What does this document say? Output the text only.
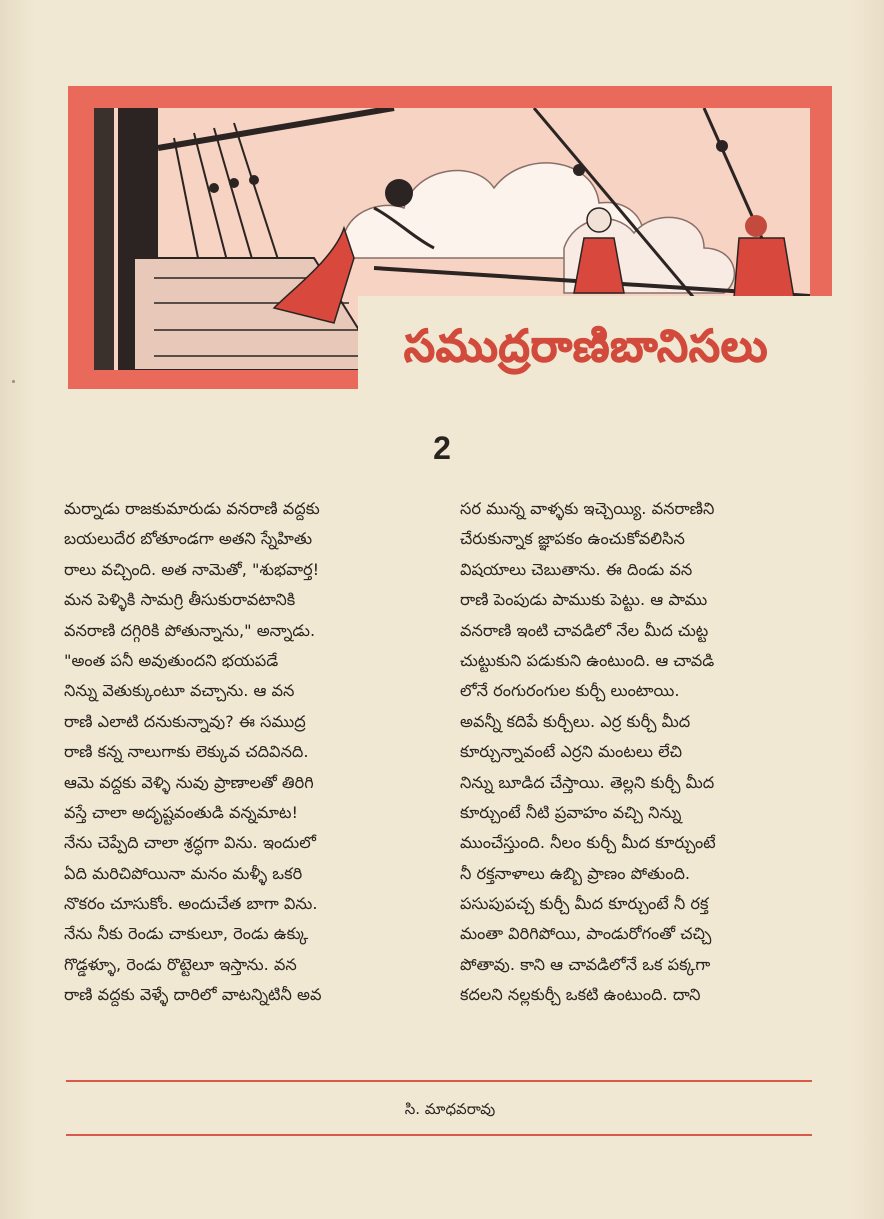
సముద్రరాణిబానిసలు
2
మర్నాడు రాజకుమారుడు వనరాణి వద్దకు
బయలుదేర బోతూండగా అతని స్నేహితు
రాలు వచ్చింది. అత నామెతో, "శుభవార్త!
మన పెళ్ళికి సామగ్రి తీసుకురావటానికి
వనరాణి దగ్గిరికి పోతున్నాను," అన్నాడు.
"అంత పనీ అవుతుందని భయపడే
నిన్ను వెతుక్కుంటూ వచ్చాను. ఆ వన
రాణి ఎలాటి దనుకున్నావు? ఈ సముద్ర
రాణి కన్న నాలుగాకు లెక్కువ చదివినది.
ఆమె వద్దకు వెళ్ళి నువు ప్రాణాలతో తిరిగి
వస్తే చాలా అదృష్టవంతుడి వన్నమాట!
నేను చెప్పేది చాలా శ్రద్ధగా విను. ఇందులో
ఏది మరిచిపోయినా మనం మళ్ళీ ఒకరి
నొకరం చూసుకోం. అందుచేత బాగా విను.
నేను నీకు రెండు చాకులూ, రెండు ఉక్కు
గొడ్డళ్ళూ, రెండు రొట్టెలూ ఇస్తాను. వన
రాణి వద్దకు వెళ్ళే దారిలో వాటన్నిటినీ అవ
సర మున్న వాళ్ళకు ఇచ్చెయ్యి. వనరాణిని
చేరుకున్నాక జ్ఞాపకం ఉంచుకోవలిసిన
విషయాలు చెబుతాను. ఈ దిండు వన
రాణి పెంపుడు పాముకు పెట్టు. ఆ పాము
వనరాణి ఇంటి చావడిలో నేల మీద చుట్ట
చుట్టుకుని పడుకుని ఉంటుంది. ఆ చావడి
లోనే రంగురంగుల కుర్చీ లుంటాయి.
అవన్నీ కదిపే కుర్చీలు. ఎర్ర కుర్చీ మీద
కూర్చున్నావంటే ఎర్రని మంటలు లేచి
నిన్ను బూడిద చేస్తాయి. తెల్లని కుర్చీ మీద
కూర్చుంటే నీటి ప్రవాహం వచ్చి నిన్ను
ముంచేస్తుంది. నీలం కుర్చీ మీద కూర్చుంటే
నీ రక్తనాళాలు ఉబ్బి ప్రాణం పోతుంది.
పసుపుపచ్చ కుర్చీ మీద కూర్చుంటే నీ రక్త
మంతా విరిగిపోయి, పాండురోగంతో చచ్చి
పోతావు. కాని ఆ చావడిలోనే ఒక పక్కగా
కదలని నల్లకుర్చీ ఒకటి ఉంటుంది. దాని
సి. మాధవరావు
